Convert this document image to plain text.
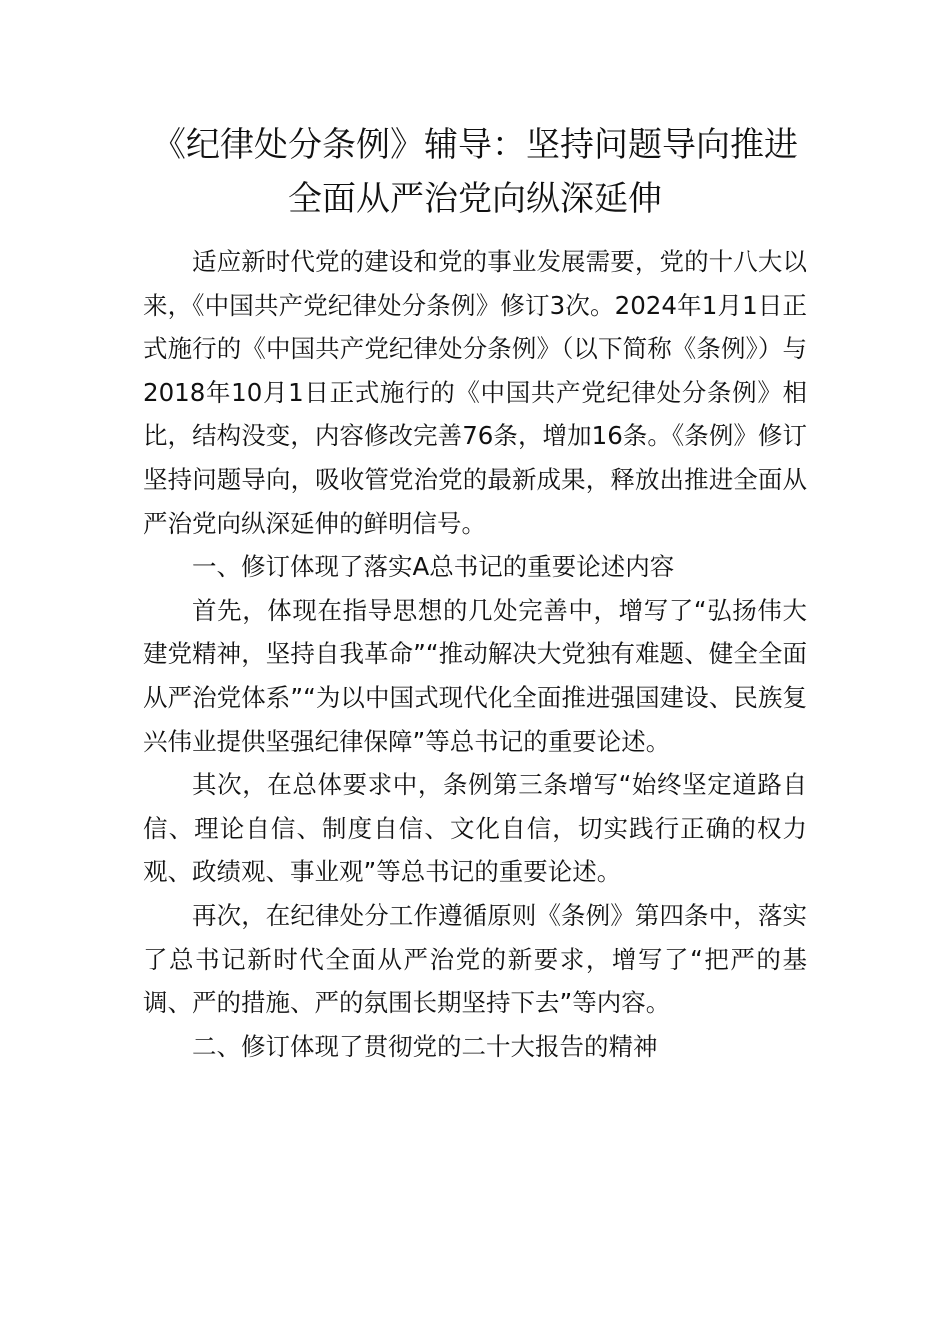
《纪律处分条例》辅导：坚持问题导向推进全面从严治党向纵深延伸

适应新时代党的建设和党的事业发展需要，党的十八大以来，《中国共产党纪律处分条例》修订3次。2024年1月1日正式施行的《中国共产党纪律处分条例》（以下简称《条例》）与2018年10月1日正式施行的《中国共产党纪律处分条例》相比，结构没变，内容修改完善76条，增加16条。《条例》修订坚持问题导向，吸收管党治党的最新成果，释放出推进全面从严治党向纵深延伸的鲜明信号。

一、修订体现了落实A总书记的重要论述内容

首先，体现在指导思想的几处完善中，增写了“弘扬伟大建党精神，坚持自我革命”“推动解决大党独有难题、健全全面从严治党体系”“为以中国式现代化全面推进强国建设、民族复兴伟业提供坚强纪律保障”等总书记的重要论述。

其次，在总体要求中，条例第三条增写“始终坚定道路自信、理论自信、制度自信、文化自信，切实践行正确的权力观、政绩观、事业观”等总书记的重要论述。

再次，在纪律处分工作遵循原则《条例》第四条中，落实了总书记新时代全面从严治党的新要求，增写了“把严的基调、严的措施、严的氛围长期坚持下去”等内容。

二、修订体现了贯彻党的二十大报告的精神
